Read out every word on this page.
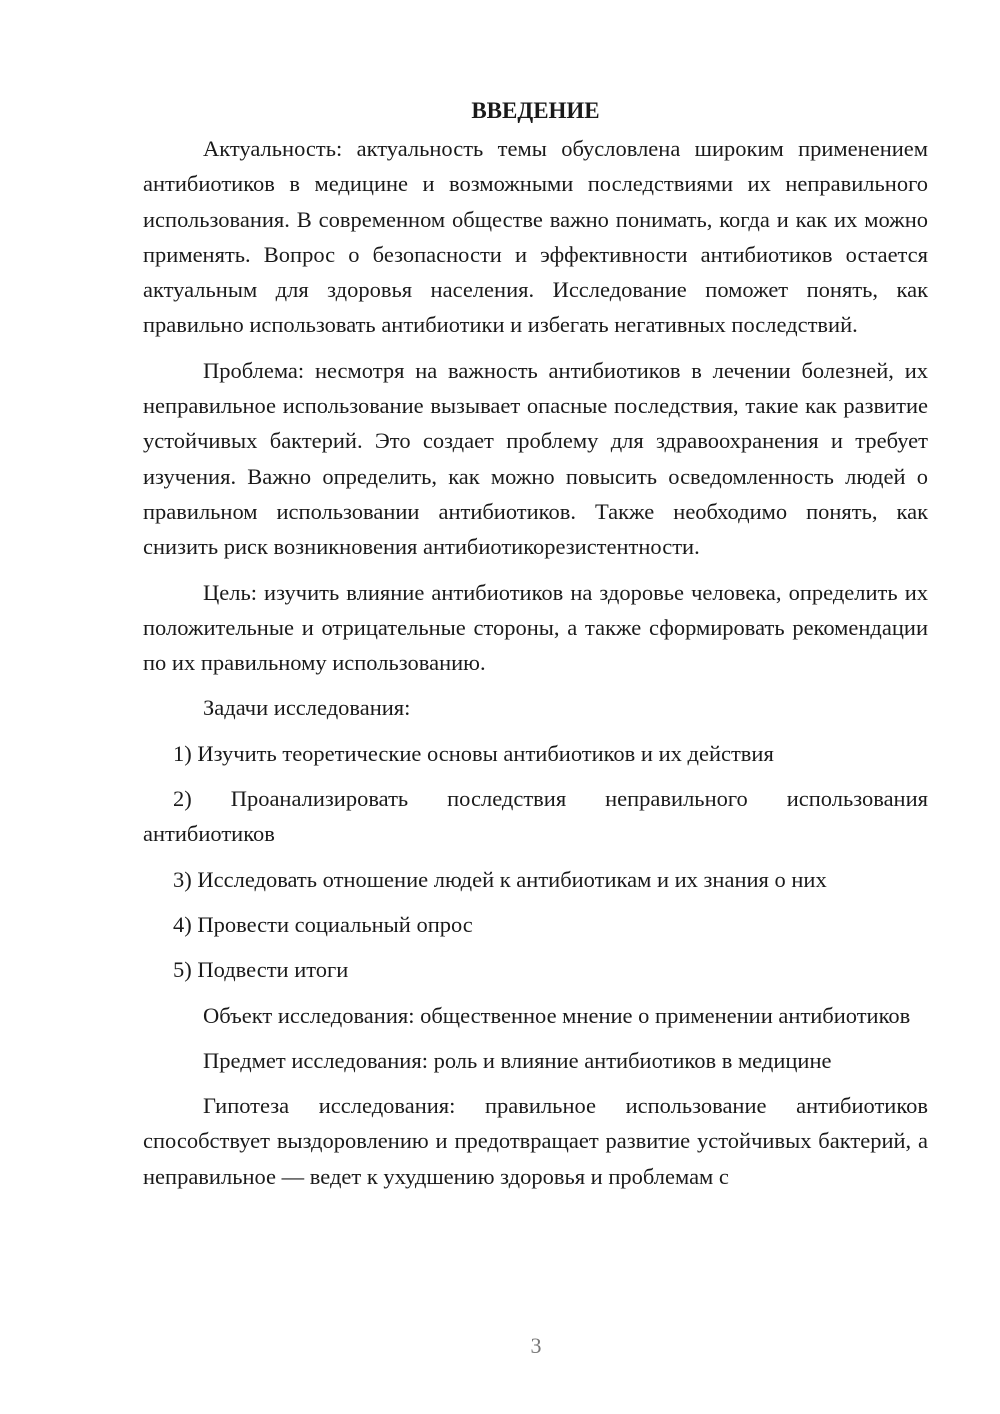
ВВЕДЕНИЕ

Актуальность: актуальность темы обусловлена широким применением антибиотиков в медицине и возможными последствиями их неправильного использования. В современном обществе важно понимать, когда и как их можно применять. Вопрос о безопасности и эффективности антибиотиков остается актуальным для здоровья населения. Исследование поможет понять, как правильно использовать антибиотики и избегать негативных последствий.

Проблема: несмотря на важность антибиотиков в лечении болезней, их неправильное использование вызывает опасные последствия, такие как развитие устойчивых бактерий. Это создает проблему для здравоохранения и требует изучения. Важно определить, как можно повысить осведомленность людей о правильном использовании антибиотиков. Также необходимо понять, как снизить риск возникновения антибиотикорезистентности.

Цель: изучить влияние антибиотиков на здоровье человека, определить их положительные и отрицательные стороны, а также сформировать рекомендации по их правильному использованию.

Задачи исследования:

1) Изучить теоретические основы антибиотиков и их действия

2) Проанализировать последствия неправильного использования антибиотиков

3) Исследовать отношение людей к антибиотикам и их знания о них

4) Провести социальный опрос

5) Подвести итоги

Объект исследования: общественное мнение о применении антибиотиков

Предмет исследования: роль и влияние антибиотиков в медицине

Гипотеза исследования: правильное использование антибиотиков способствует выздоровлению и предотвращает развитие устойчивых бактерий, а неправильное — ведет к ухудшению здоровья и проблемам с

3
